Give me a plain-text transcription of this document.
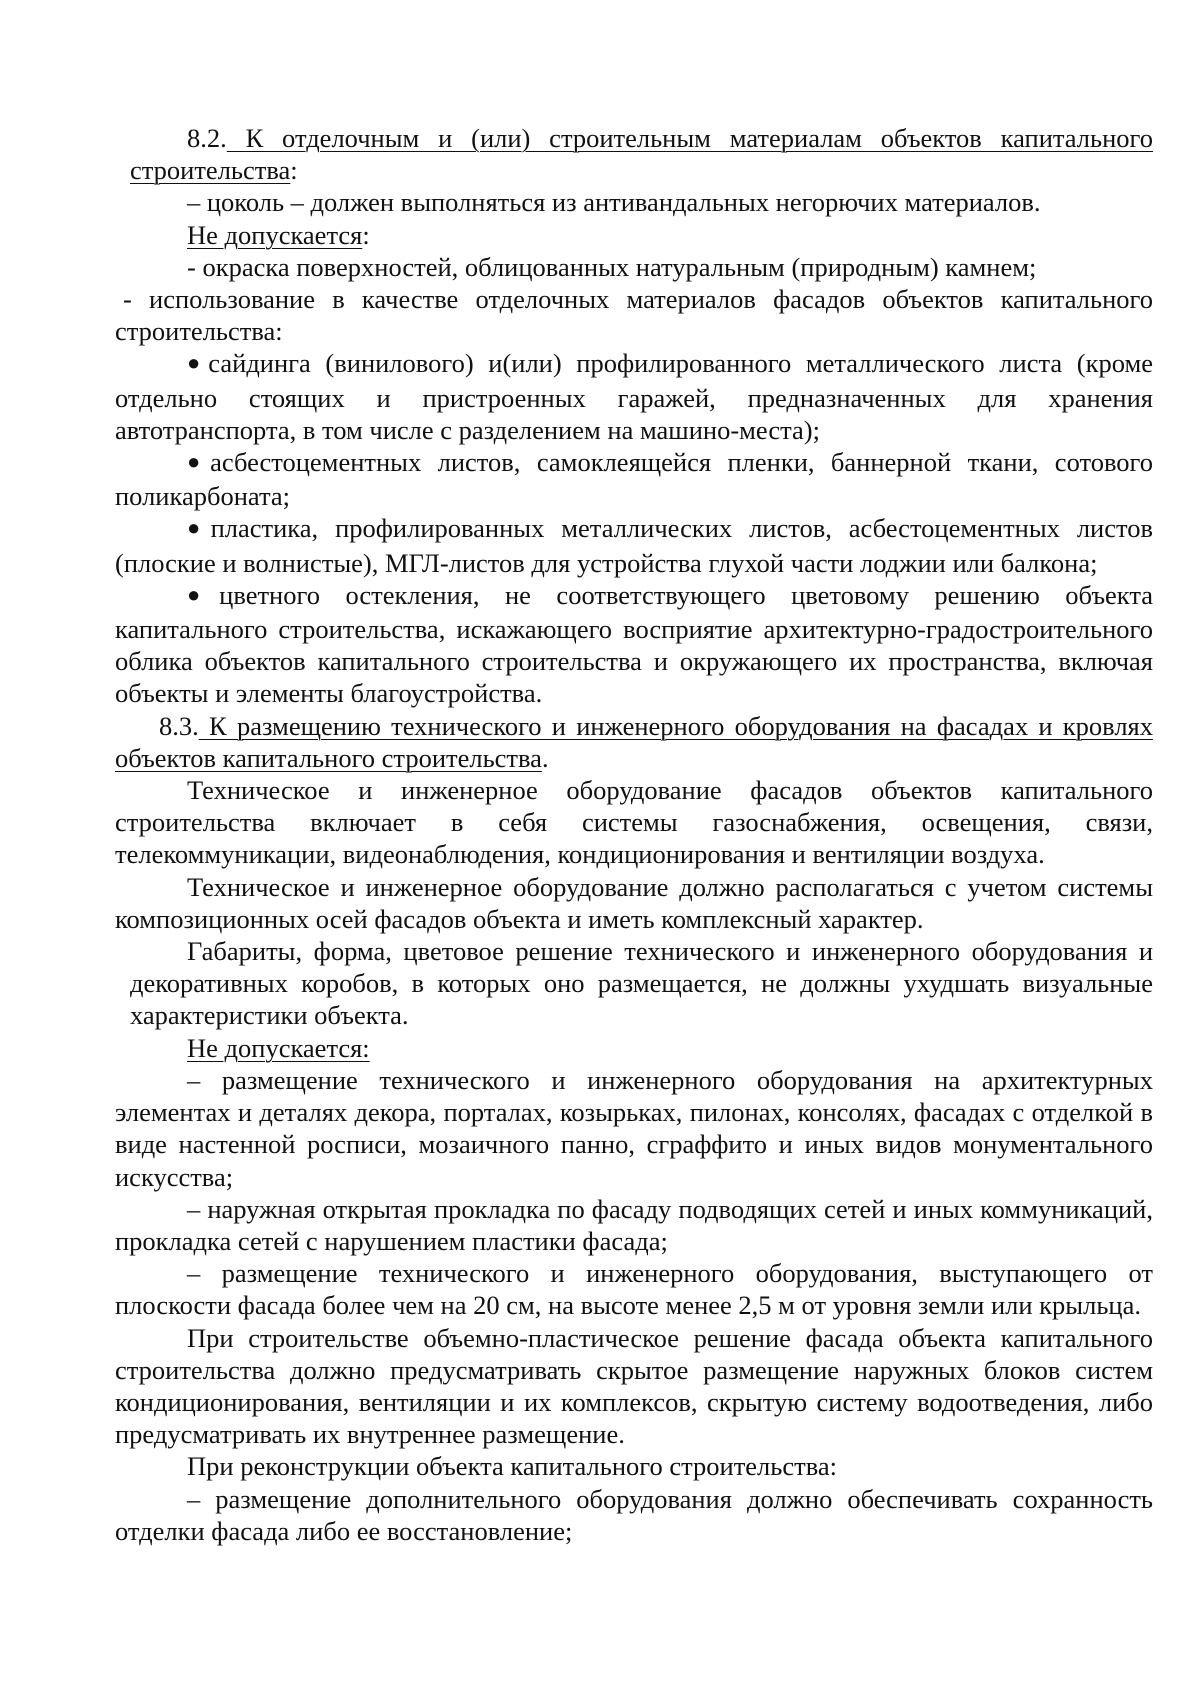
8.2. К отделочным и (или) строительным материалам объектов капитального строительства:

– цоколь – должен выполняться из антивандальных негорючих материалов.

Не допускается:

- окраска поверхностей, облицованных натуральным (природным) камнем;

- использование в качестве отделочных материалов фасадов объектов капитального строительства:

●сайдинга (винилового) и(или) профилированного металлического листа (кроме отдельно стоящих и пристроенных гаражей, предназначенных для хранения автотранспорта, в том числе с разделением на машино-места);

●асбестоцементных листов, самоклеящейся пленки, баннерной ткани, сотового поликарбоната;

●пластика, профилированных металлических листов, асбестоцементных листов (плоские и волнистые), МГЛ-листов для устройства глухой части лоджии или балкона;

●цветного остекления, не соответствующего цветовому решению объекта капитального строительства, искажающего восприятие архитектурно-градостроительного облика объектов капитального строительства и окружающего их пространства, включая объекты и элементы благоустройства.

8.3. К размещению технического и инженерного оборудования на фасадах и кровлях объектов капитального строительства.

Техническое и инженерное оборудование фасадов объектов капитального строительства включает в себя системы газоснабжения, освещения, связи, телекоммуникации, видеонаблюдения, кондиционирования и вентиляции воздуха.

Техническое и инженерное оборудование должно располагаться с учетом системы композиционных осей фасадов объекта и иметь комплексный характер.

Габариты, форма, цветовое решение технического и инженерного оборудования и декоративных коробов, в которых оно размещается, не должны ухудшать визуальные характеристики объекта.

Не допускается:

– размещение технического и инженерного оборудования на архитектурных элементах и деталях декора, порталах, козырьках, пилонах, консолях, фасадах с отделкой в виде настенной росписи, мозаичного панно, сграффито и иных видов монументального искусства;

– наружная открытая прокладка по фасаду подводящих сетей и иных коммуникаций, прокладка сетей с нарушением пластики фасада;

– размещение технического и инженерного оборудования, выступающего от плоскости фасада более чем на 20 см, на высоте менее 2,5 м от уровня земли или крыльца.

При строительстве объемно-пластическое решение фасада объекта капитального строительства должно предусматривать скрытое размещение наружных блоков систем кондиционирования, вентиляции и их комплексов, скрытую систему водоотведения, либо предусматривать их внутреннее размещение.

При реконструкции объекта капитального строительства:

– размещение дополнительного оборудования должно обеспечивать сохранность отделки фасада либо ее восстановление;
